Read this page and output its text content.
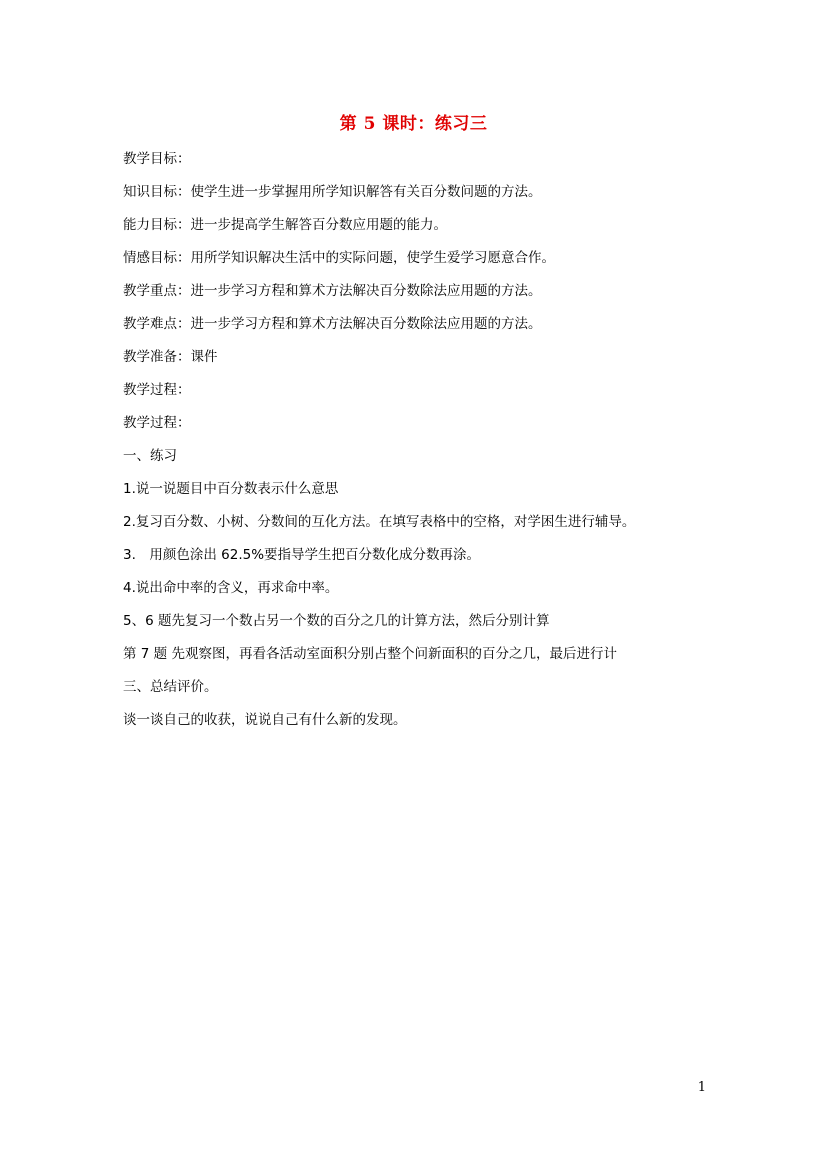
第 5 课时：练习三
教学目标：
知识目标：使学生进一步掌握用所学知识解答有关百分数问题的方法。
能力目标：进一步提高学生解答百分数应用题的能力。
情感目标：用所学知识解决生活中的实际问题，使学生爱学习愿意合作。
教学重点：进一步学习方程和算术方法解决百分数除法应用题的方法。
教学难点：进一步学习方程和算术方法解决百分数除法应用题的方法。
教学准备：课件
教学过程：
教学过程：
一、练习
1.说一说题目中百分数表示什么意思
2.复习百分数、小树、分数间的互化方法。在填写表格中的空格，对学困生进行辅导。
3.　用颜色涂出 62.5%要指导学生把百分数化成分数再涂。
4.说出命中率的含义，再求命中率。
5、6 题先复习一个数占另一个数的百分之几的计算方法，然后分别计算
第 7 题 先观察图，再看各活动室面积分别占整个问新面积的百分之几，最后进行计
三、总结评价。
谈一谈自己的收获，说说自己有什么新的发现。
1
